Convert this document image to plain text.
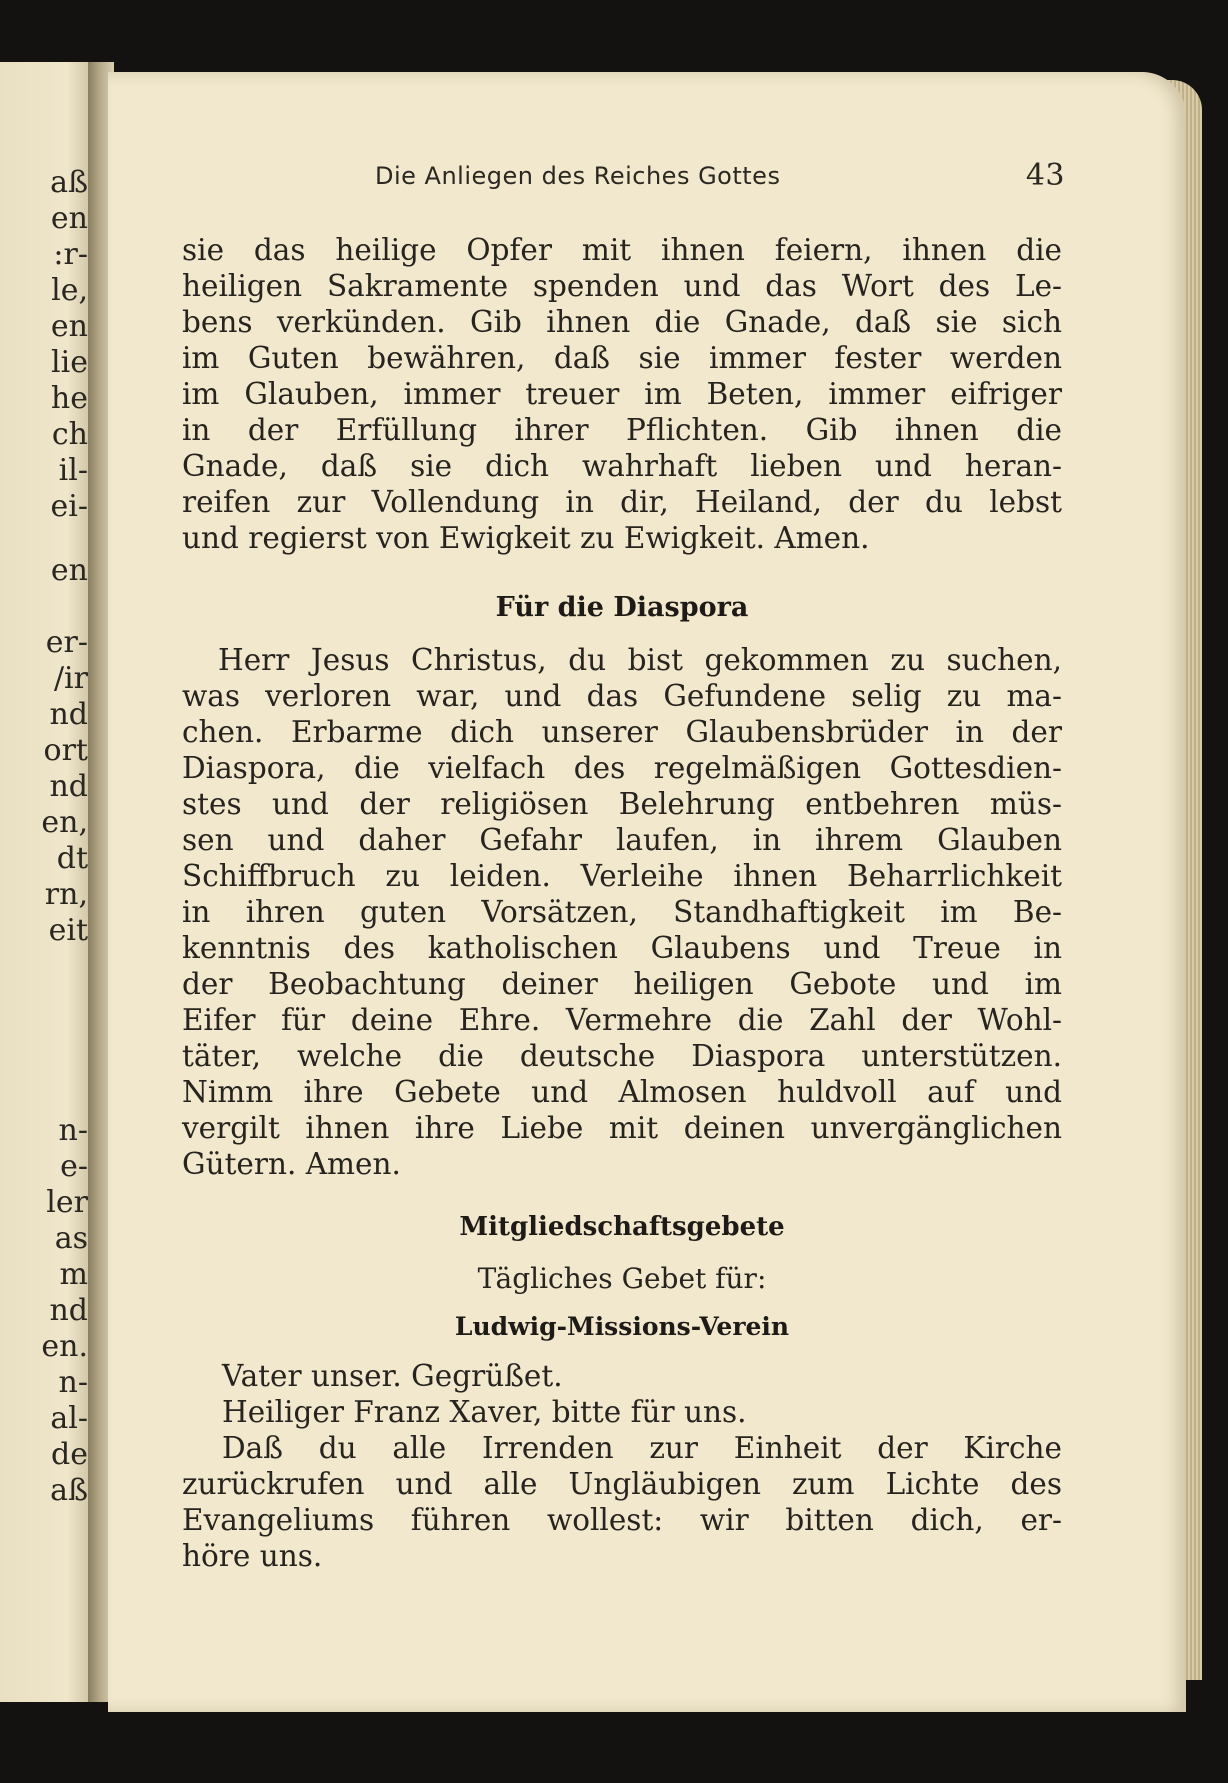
aß
en
:r-
le,
en
lie
he
ch
il-
ei-
en
er-
/ir
nd
ort
nd
en,
dt
rn,
eit
n-
e-
ler
as
m
nd
en.
n-
al-
de
aß
Die Anliegen des Reiches Gottes	43
sie das heilige Opfer mit ihnen feiern, ihnen die
heiligen Sakramente spenden und das Wort des Le-
bens verkünden. Gib ihnen die Gnade, daß sie sich
im Guten bewähren, daß sie immer fester werden
im Glauben, immer treuer im Beten, immer eifriger
in der Erfüllung ihrer Pflichten. Gib ihnen die
Gnade, daß sie dich wahrhaft lieben und heran-
reifen zur Vollendung in dir, Heiland, der du lebst
und regierst von Ewigkeit zu Ewigkeit. Amen.
Für die Diaspora
Herr Jesus Christus, du bist gekommen zu suchen,
was verloren war, und das Gefundene selig zu ma-
chen. Erbarme dich unserer Glaubensbrüder in der
Diaspora, die vielfach des regelmäßigen Gottesdien-
stes und der religiösen Belehrung entbehren müs-
sen und daher Gefahr laufen, in ihrem Glauben
Schiffbruch zu leiden. Verleihe ihnen Beharrlichkeit
in ihren guten Vorsätzen, Standhaftigkeit im Be-
kenntnis des katholischen Glaubens und Treue in
der Beobachtung deiner heiligen Gebote und im
Eifer für deine Ehre. Vermehre die Zahl der Wohl-
täter, welche die deutsche Diaspora unterstützen.
Nimm ihre Gebete und Almosen huldvoll auf und
vergilt ihnen ihre Liebe mit deinen unvergänglichen
Gütern. Amen.
Mitgliedschaftsgebete
Tägliches Gebet für:
Ludwig-Missions-Verein
Vater unser. Gegrüßet.
Heiliger Franz Xaver, bitte für uns.
Daß du alle Irrenden zur Einheit der Kirche
zurückrufen und alle Ungläubigen zum Lichte des
Evangeliums führen wollest: wir bitten dich, er-
höre uns.
